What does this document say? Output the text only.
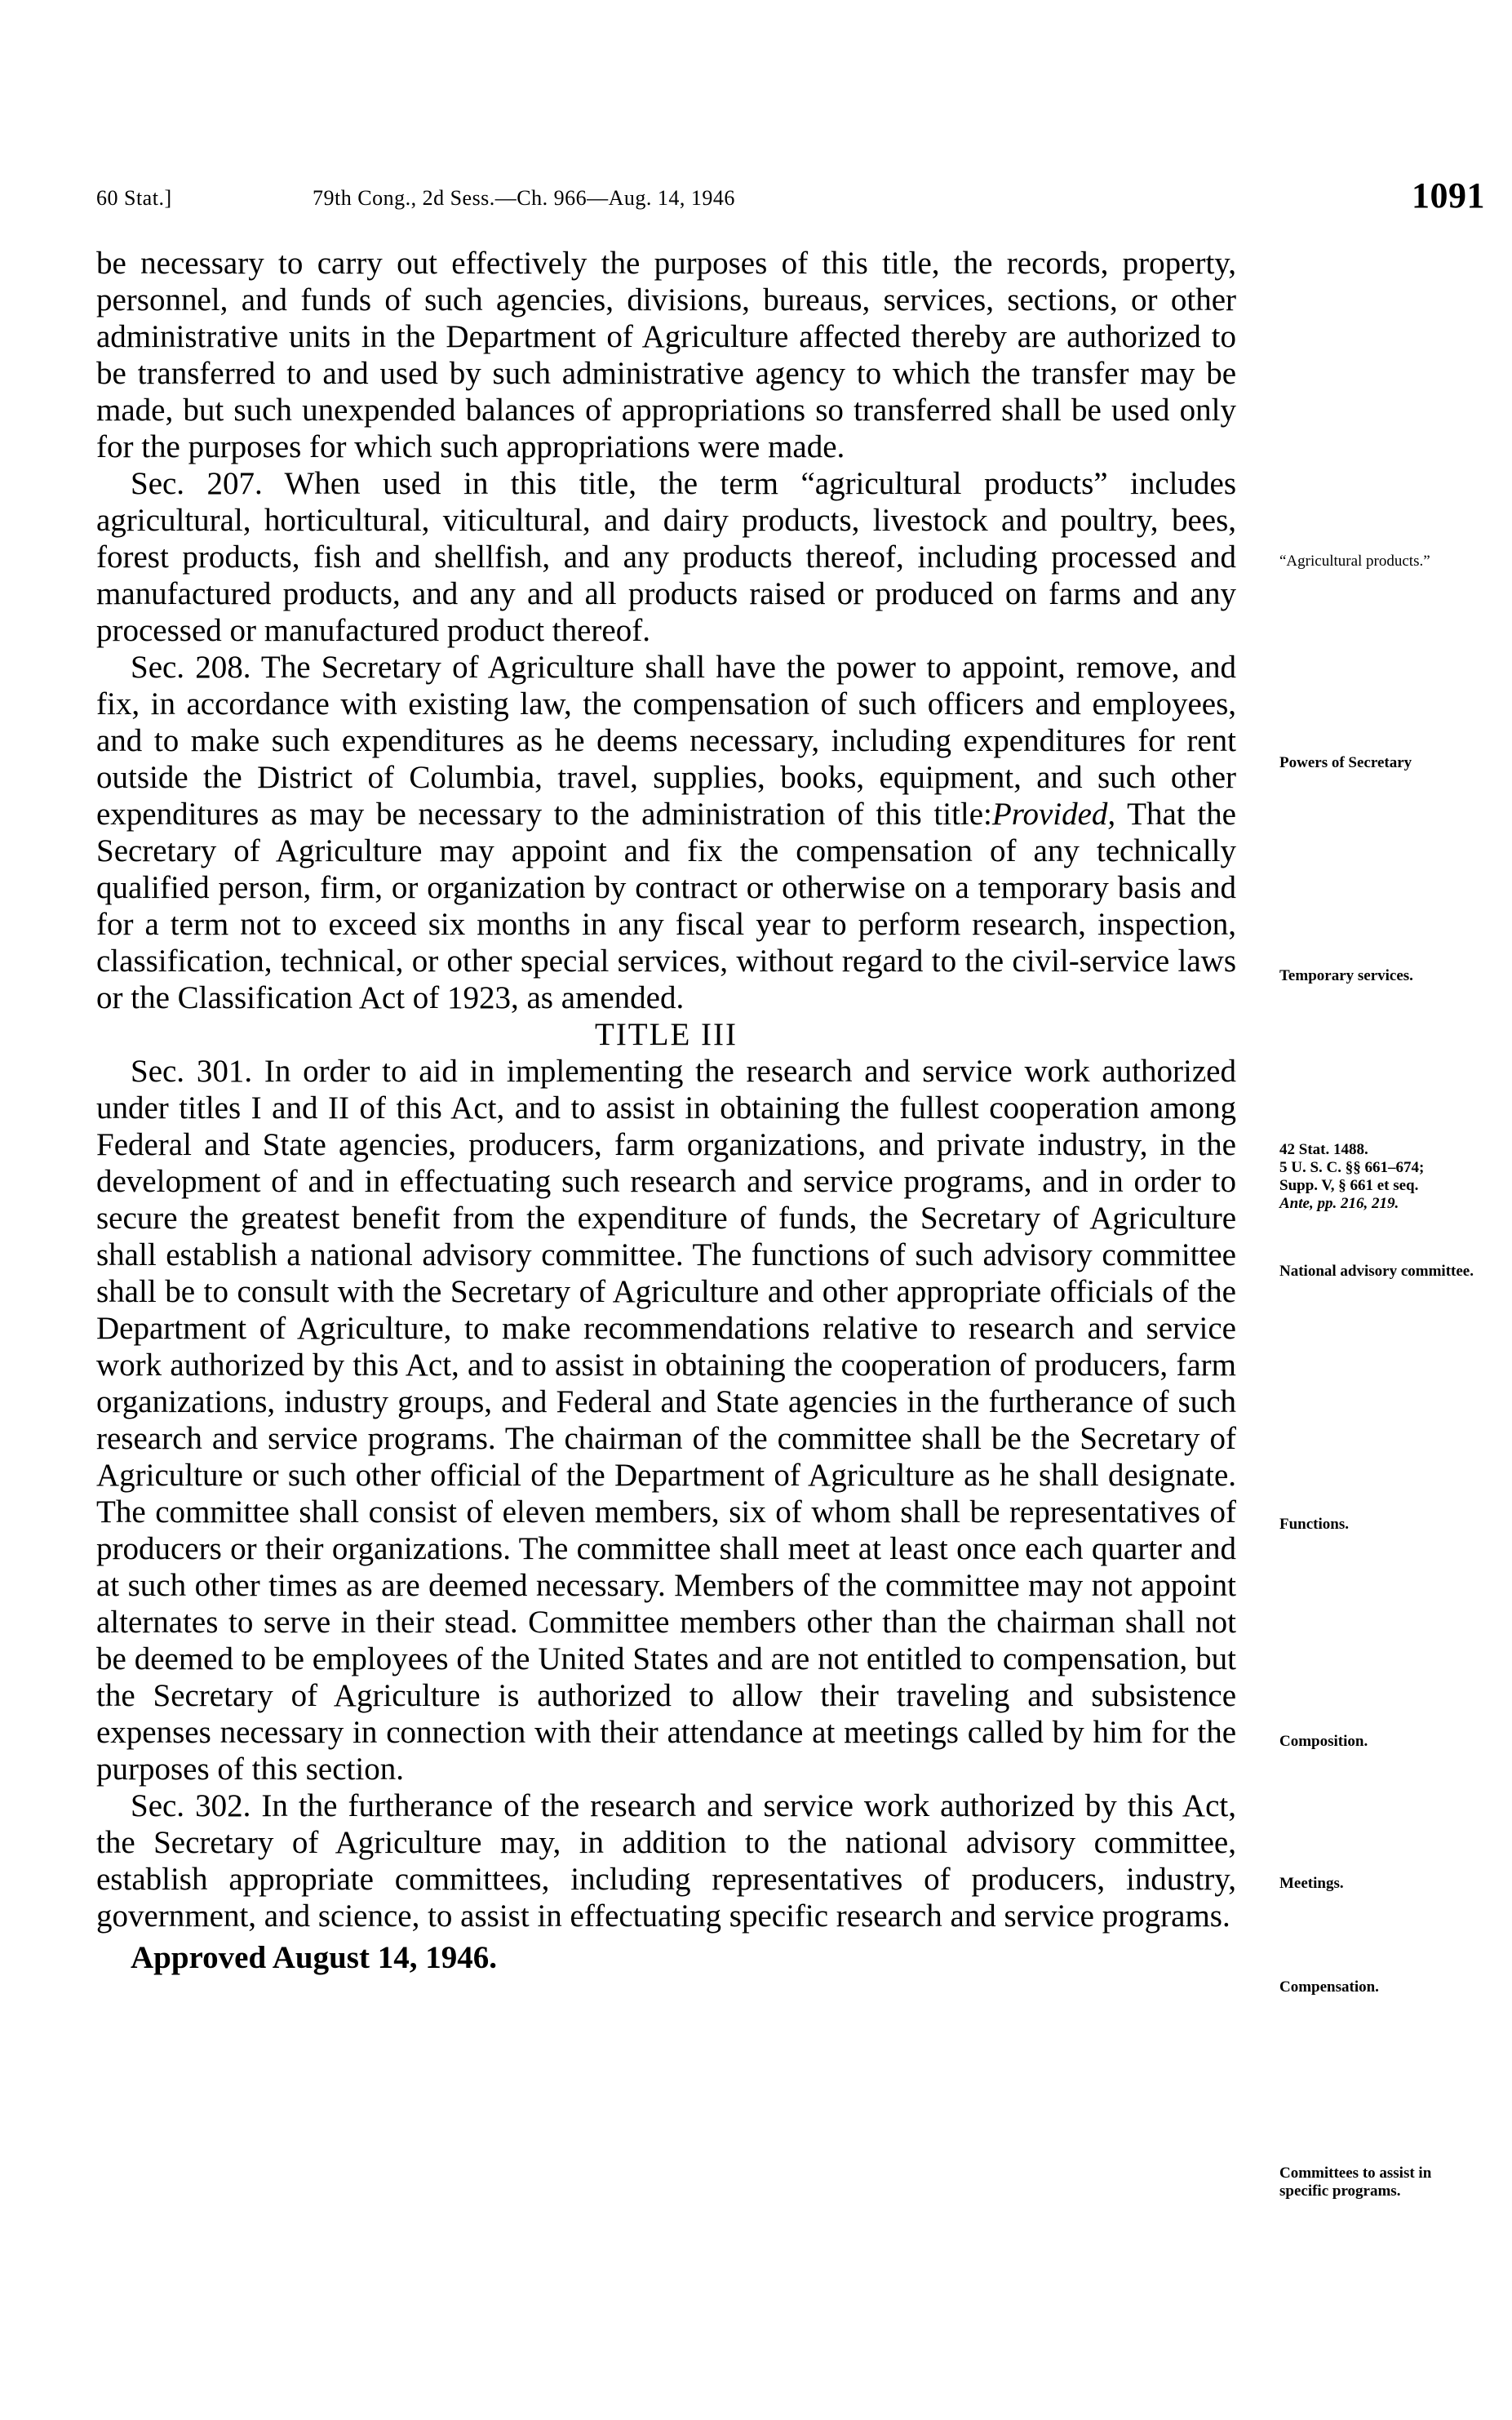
60 Stat.]	79th Cong., 2d Sess.—Ch. 966—Aug. 14, 1946	1091

be necessary to carry out effectively the purposes of this title, the records, property, personnel, and funds of such agencies, divisions, bureaus, services, sections, or other administrative units in the Department of Agriculture affected thereby are authorized to be transferred to and used by such administrative agency to which the transfer may be made, but such unexpended balances of appropriations so transferred shall be used only for the purposes for which such appropriations were made.

Sec. 207. When used in this title, the term “agricultural products” includes agricultural, horticultural, viticultural, and dairy products, livestock and poultry, bees, forest products, fish and shellfish, and any products thereof, including processed and manufactured products, and any and all products raised or produced on farms and any processed or manufactured product thereof.

Sec. 208. The Secretary of Agriculture shall have the power to appoint, remove, and fix, in accordance with existing law, the compensation of such officers and employees, and to make such expenditures as he deems necessary, including expenditures for rent outside the District of Columbia, travel, supplies, books, equipment, and such other expenditures as may be necessary to the administration of this title:Provided, That the Secretary of Agriculture may appoint and fix the compensation of any technically qualified person, firm, or organization by contract or otherwise on a temporary basis and for a term not to exceed six months in any fiscal year to perform research, inspection, classification, technical, or other special services, without regard to the civil-service laws or the Classification Act of 1923, as amended.

TITLE III

Sec. 301. In order to aid in implementing the research and service work authorized under titles I and II of this Act, and to assist in obtaining the fullest cooperation among Federal and State agencies, producers, farm organizations, and private industry, in the development of and in effectuating such research and service programs, and in order to secure the greatest benefit from the expenditure of funds, the Secretary of Agriculture shall establish a national advisory committee. The functions of such advisory committee shall be to consult with the Secretary of Agriculture and other appropriate officials of the Department of Agriculture, to make recommendations relative to research and service work authorized by this Act, and to assist in obtaining the cooperation of producers, farm organizations, industry groups, and Federal and State agencies in the furtherance of such research and service programs. The chairman of the committee shall be the Secretary of Agriculture or such other official of the Department of Agriculture as he shall designate. The committee shall consist of eleven members, six of whom shall be representatives of producers or their organizations. The committee shall meet at least once each quarter and at such other times as are deemed necessary. Members of the committee may not appoint alternates to serve in their stead. Committee members other than the chairman shall not be deemed to be employees of the United States and are not entitled to compensation, but the Secretary of Agriculture is authorized to allow their traveling and subsistence expenses necessary in connection with their attendance at meetings called by him for the purposes of this section.

Sec. 302. In the furtherance of the research and service work authorized by this Act, the Secretary of Agriculture may, in addition to the national advisory committee, establish appropriate committees, including representatives of producers, industry, government, and science, to assist in effectuating specific research and service programs.

Approved August 14, 1946.

“Agricultural products.”
Powers of Secretary
Temporary services.
42 Stat. 1488.
5 U. S. C. §§ 661–674;
Supp. V, § 661 et seq.
Ante, pp. 216, 219.
National advisory committee.
Functions.
Composition.
Meetings.
Compensation.
Committees to assist in specific programs.
